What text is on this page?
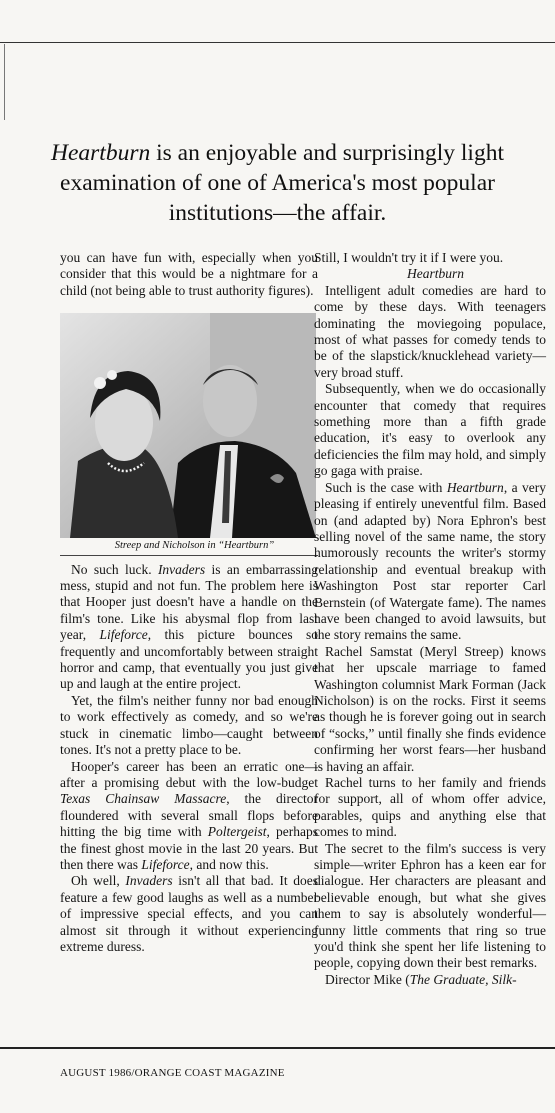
Heartburn is an enjoyable and surprisingly light examination of one of America's most popular institutions—the affair.

you can have fun with, especially when you consider that this would be a nightmare for a child (not being able to trust authority figures).

Streep and Nicholson in “Heartburn”

No such luck. Invaders is an embarrassing mess, stupid and not fun. The problem here is that Hooper just doesn't have a handle on the film's tone. Like his abysmal flop from last year, Lifeforce, this picture bounces so frequently and uncomfortably between straight horror and camp, that eventually you just give up and laugh at the entire project.

Yet, the film's neither funny nor bad enough to work effectively as comedy, and so we're stuck in cinematic limbo—caught between tones. It's not a pretty place to be.

Hooper's career has been an erratic one—after a promising debut with the low-budget Texas Chainsaw Massacre, the director floundered with several small flops before hitting the big time with Poltergeist, perhaps the finest ghost movie in the last 20 years. But then there was Lifeforce, and now this.

Oh well, Invaders isn't all that bad. It does feature a few good laughs as well as a number of impressive special effects, and you can almost sit through it without experiencing extreme duress.

Still, I wouldn't try it if I were you.

Heartburn

Intelligent adult comedies are hard to come by these days. With teenagers dominating the moviegoing populace, most of what passes for comedy tends to be of the slapstick/knucklehead variety—very broad stuff.

Subsequently, when we do occasionally encounter that comedy that requires something more than a fifth grade education, it's easy to overlook any deficiencies the film may hold, and simply go gaga with praise.

Such is the case with Heartburn, a very pleasing if entirely uneventful film. Based on (and adapted by) Nora Ephron's best selling novel of the same name, the story humorously recounts the writer's stormy relationship and eventual breakup with Washington Post star reporter Carl Bernstein (of Watergate fame). The names have been changed to avoid lawsuits, but the story remains the same.

Rachel Samstat (Meryl Streep) knows that her upscale marriage to famed Washington columnist Mark Forman (Jack Nicholson) is on the rocks. First it seems as though he is forever going out in search of “socks,” until finally she finds evidence confirming her worst fears—her husband is having an affair.

Rachel turns to her family and friends for support, all of whom offer advice, parables, quips and anything else that comes to mind.

The secret to the film's success is very simple—writer Ephron has a keen ear for dialogue. Her characters are pleasant and believable enough, but what she gives them to say is absolutely wonderful—funny little comments that ring so true you'd think she spent her life listening to people, copying down their best remarks.

Director Mike (The Graduate, Silk-

AUGUST 1986/ORANGE COAST MAGAZINE
